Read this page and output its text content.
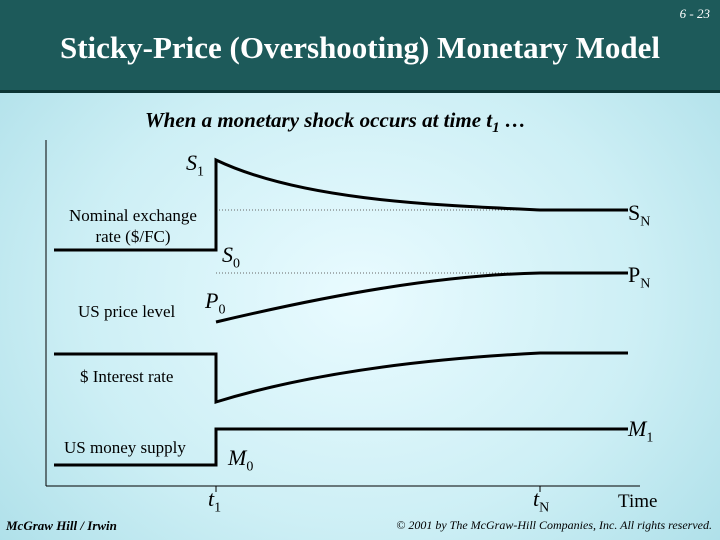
6 - 23
Sticky-Price (Overshooting) Monetary Model
When a monetary shock occurs at time $t_1$ …
Nominal exchange
rate ($/FC)
US price level
$ Interest rate
US money supply
Time
$S_1$
$S_0$
$S_N$
$P_0$
$P_N$
$M_0$
$M_1$
$t_1$	$t_N$
McGraw Hill / Irwin	© 2001 by The McGraw-Hill Companies, Inc. All rights reserved.
